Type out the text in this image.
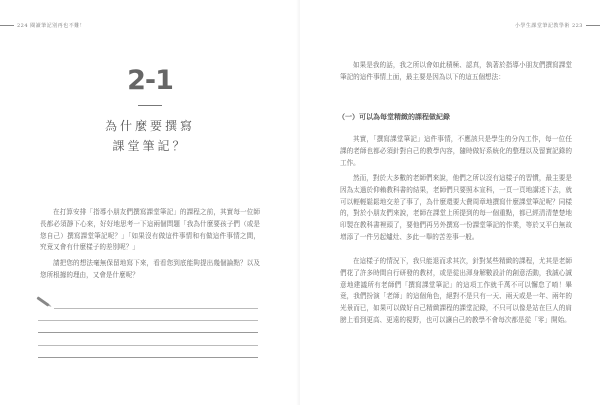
224 閱讀筆記別再也不難！
2-1
為什麼要撰寫
課堂筆記？
在打算安排「指導小朋友們撰寫課堂筆記」的課程之前，其實每一位師長都必須靜下心來，好好地思考一下這兩個問題「我為什麼要孩子們（或是您自己）撰寫課堂筆記呢？」「如果沒有做這件事情和有做這件事情之間，究竟又會有什麼樣子的差別呢？」
請把您的想法毫無保留地寫下來，看看您到底能夠提出幾個論點？以及您所根據的理由，又會是什麼呢？
小學生課堂筆記教學術 223
如果是我的話，我之所以會如此積極、認真，執著於指導小朋友們撰寫課堂筆記的這件事情上面，最主要是因為以下的這五個想法：
（一）可以為每堂精緻的課程做紀錄
其實，「撰寫課堂筆記」這件事情，不應該只是學生的分內工作，每一位任課的老師也都必須針對自己的教學內容，隨時做好系統化的整理以及留實記錄的工作。
然而，對於大多數的老師們來說，他們之所以沒有這樣子的習慣，最主要是因為太過於仰賴教科書的結果，老師們只要照本宣科，一頁一頁地講述下去，就可以輕輕鬆鬆地交差了事了，為什麼還要大費周章地撰寫什麼課堂筆記呢？同樣的，對於小朋友們來說，老師在課堂上所提到的每一個重點，都已經清清楚楚地印製在教科書裡頭了，要他們再另外撰寫一份課堂筆記的作業，等於又平白無故增添了一件另起爐灶、多此一舉的苦差事一般。
在這樣子的情況下，我只能退而求其次，針對某些精緻的課程，尤其是老師們花了許多時間自行研發的教材，或是從出渾身解數設計的創意活動，我誠心誠意地建議所有老師們「撰寫課堂筆記」的這項工作就千萬不可以懈怠了唷！畢竟，我們扮演「老師」的這個角色，絕對不是只有一天、兩天或是一年、兩年的光景而已，如果可以做好自己精緻課程的課堂記錄，不只可以像是站在巨人的肩膀上看到更高、更遠的視野，也可以讓自己的教學不會每次都是從「零」開始。
